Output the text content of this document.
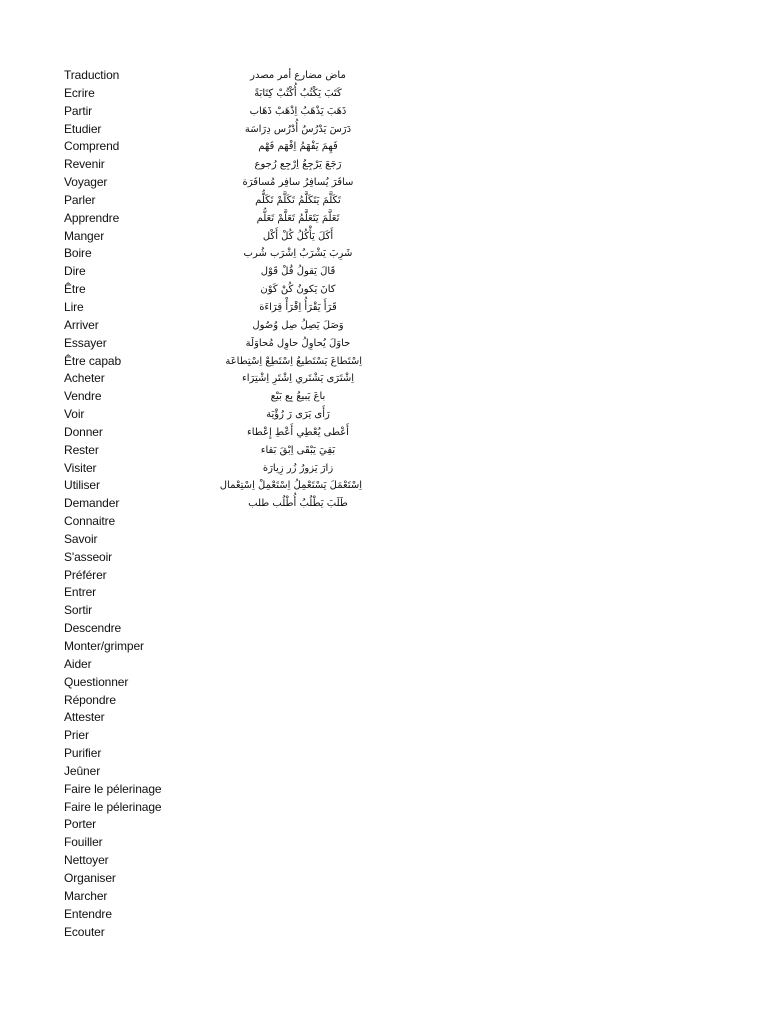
Traduction	ماض مضارع أمر مصدر
Ecrire	كَتَبَ يَكْتُبُ أُكْتُبْ كِتَابَةً
Partir	ذَهَبَ يَذْهَبُ اِذْهَبْ ذَهَاب
Etudier	دَرَسَ يَدْرُسُ أُدْرُس دِرَاسَة
Comprend	فَهِمَ يَفْهَمُ اِفْهَم فَهْم
Revenir	رَجَعَ يَرْجِعُ اِرْجِع رُجوع
Voyager	سافَرَ يُسافِرُ سافِر مُسافَرَة
Parler	تَكَلَّمَ يَتَكَلَّمُ تَكَلَّمْ تَكَلُّم
Apprendre	تَعَلَّمَ يَتَعَلَّمُ تَعَلَّمْ تَعَلُّم
Manger	أَكَلَ يَأْكُلُ كُلْ أَكْل
Boire	شَرِبَ يَشْرَبُ اِشْرَب شُرب
Dire	قَالَ يَقولُ قُلْ قَوْل
Être	كانَ يَكونُ كُنْ كَوْن
Lire	قَرَأَ يَقْرَأُ اِقْرَأْ قِرَاءَة
Arriver	وَصَلَ يَصِلُ صِل وُصُول
Essayer	حاوَلَ يُحاوِلُ حاوِل مُحاوَلَة
Être capab	اِسْتَطاعَ يَسْتَطيعُ اِسْتَطِعْ اِسْتِطاعَة
Acheter	اِشْتَرَى يَشْتَري اِشْتَرِ اِشْتِرَاء
Vendre	باعَ يَبيعُ بِع بَيْع
Voir	رَأَى يَرَى رَ رُؤْيَة
Donner	أَعْطى يُعْطِي أَعْطِ إِعْطاء
Rester	بَقِيَ يَبْقَى اِبْقَ بَقاء
Visiter	زارَ يَزورُ زُر زِيارَة
Utiliser	اِسْتَعْمَلَ يَسْتَعْمِلُ اِسْتَعْمِلْ اِسْتِعْمال
Demander	طَلَبَ يَطْلُبُ أُطْلُب طلب
Connaitre
Savoir
S'asseoir
Préférer
Entrer
Sortir
Descendre
Monter/grimper
Aider
Questionner
Répondre
Attester
Prier
Purifier
Jeûner
Faire le pélerinage
Faire le pélerinage
Porter
Fouiller
Nettoyer
Organiser
Marcher
Entendre
Ecouter
